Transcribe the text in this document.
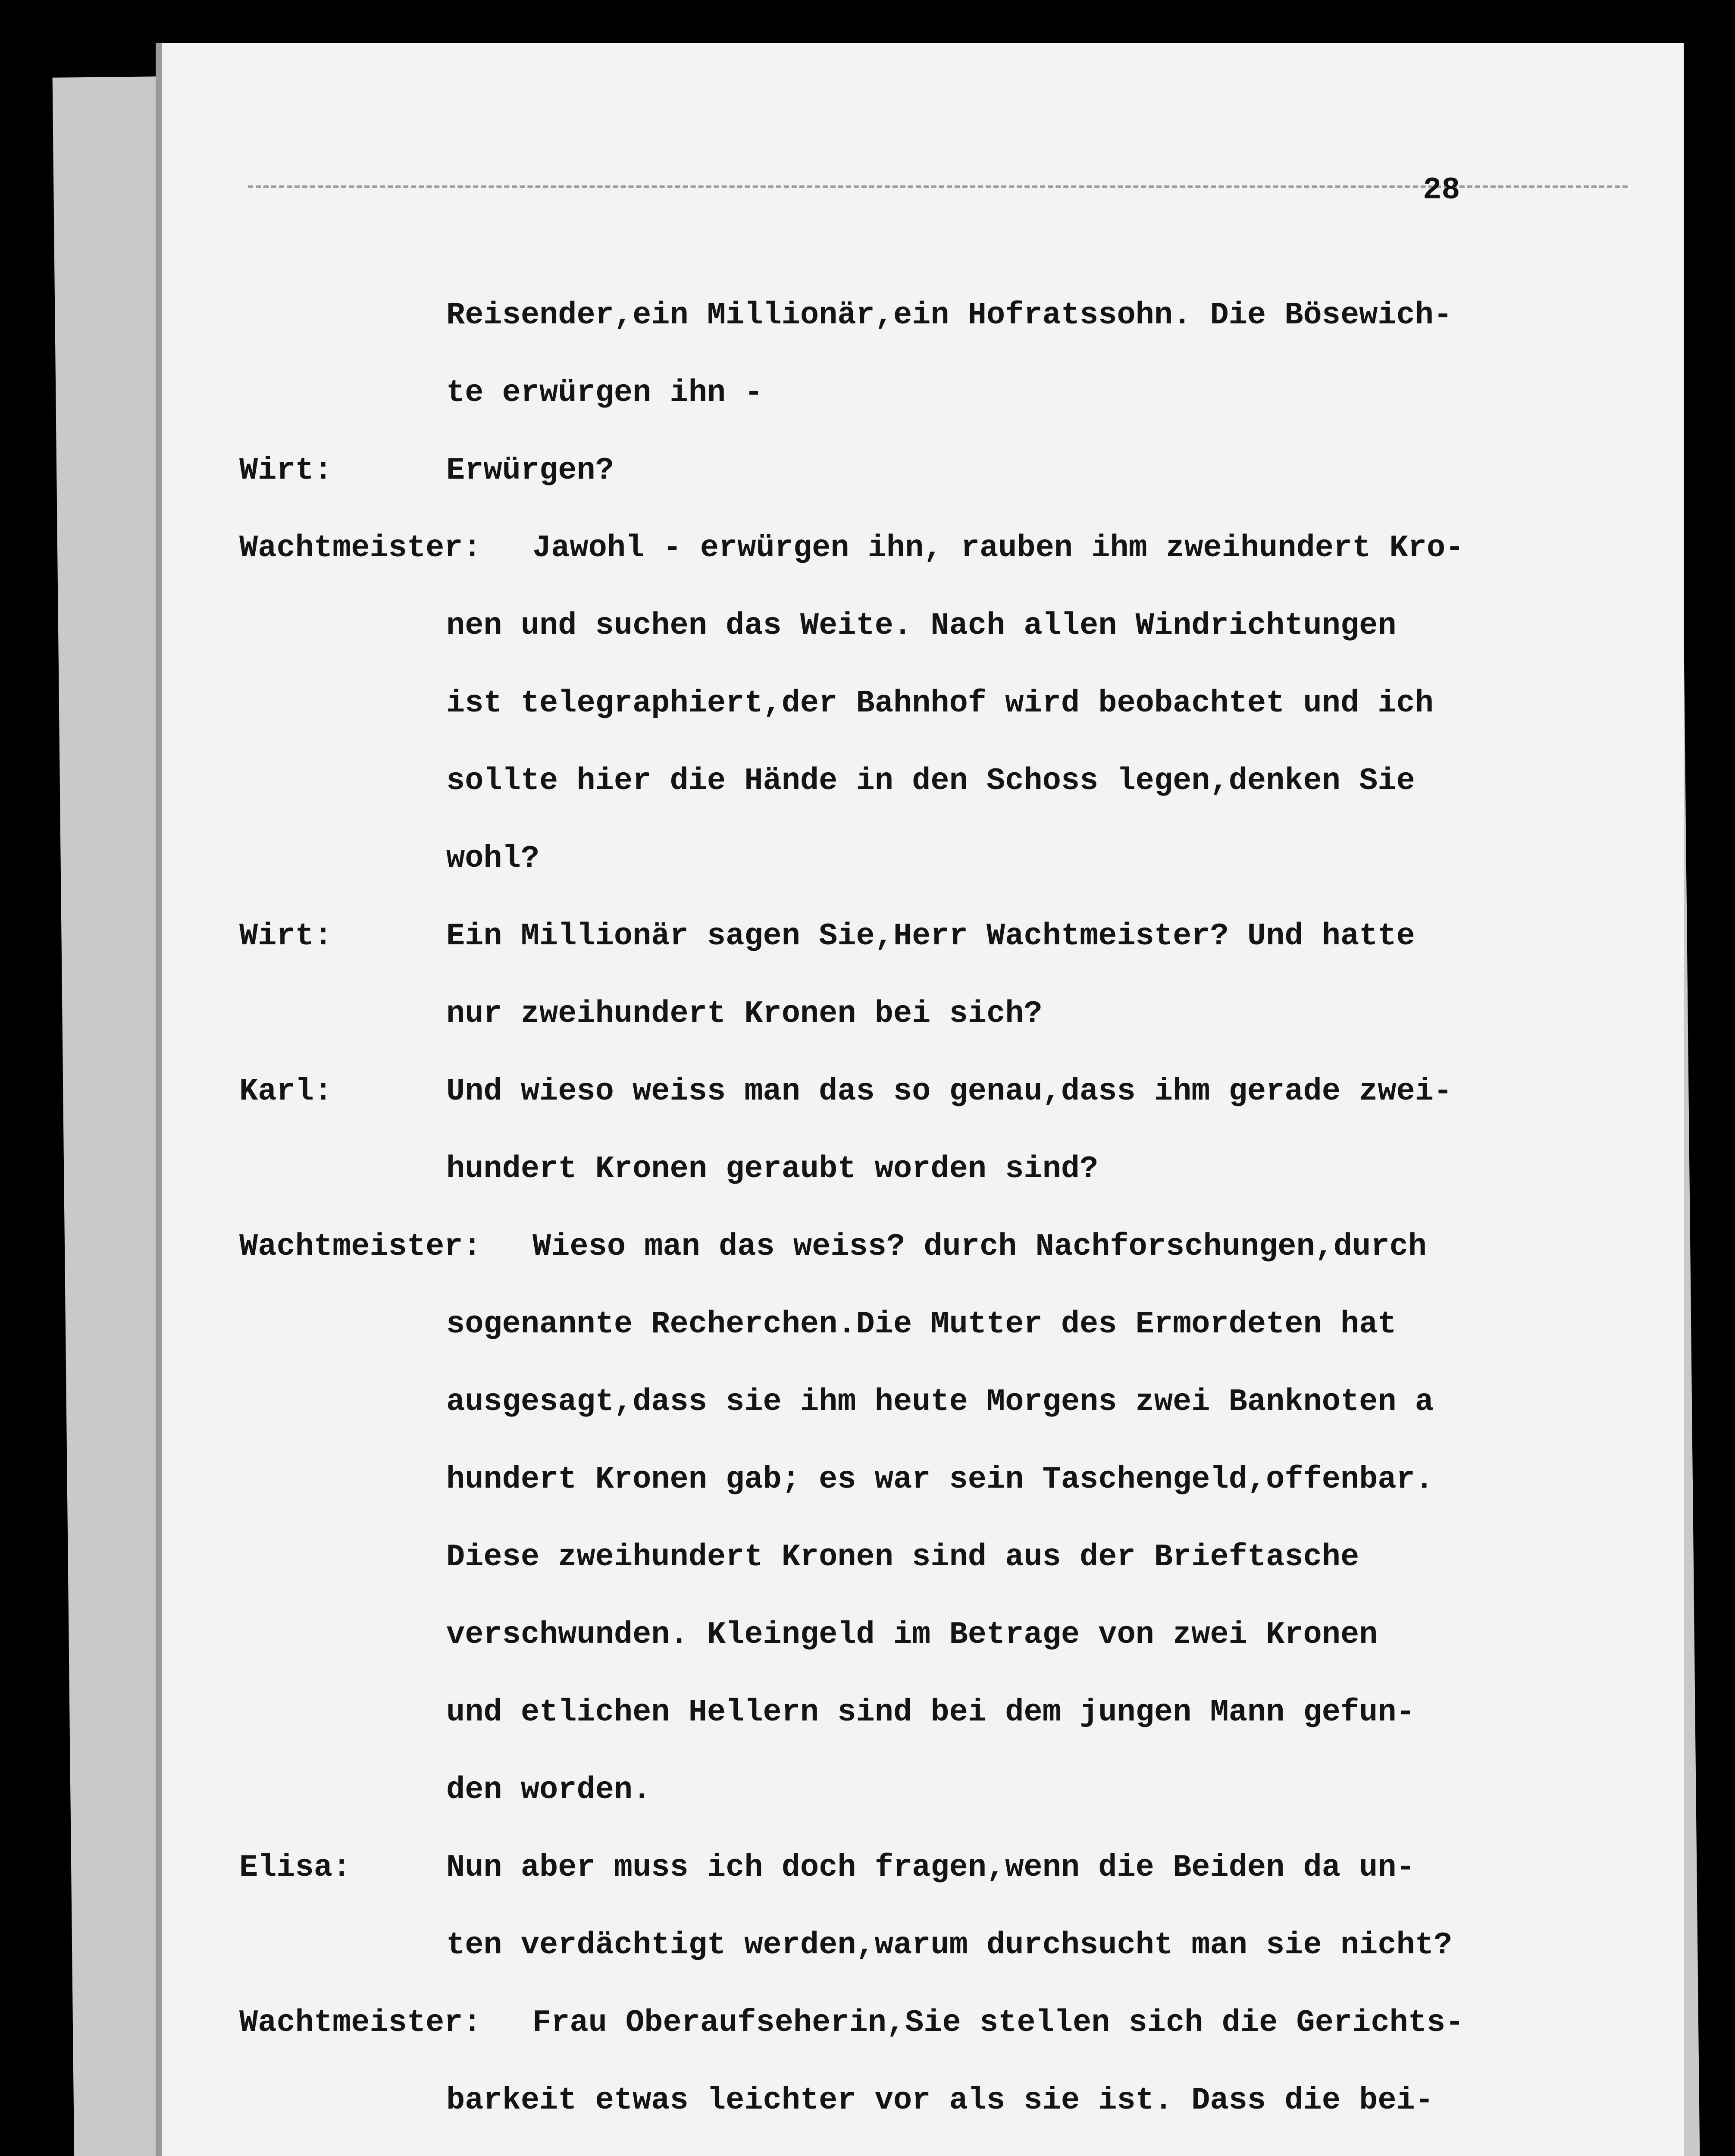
28
Reisender,ein Millionär,ein Hofratssohn. Die Bösewich-
te erwürgen ihn -
Wirt:	Erwürgen?
Wachtmeister: Jawohl - erwürgen ihn, rauben ihm zweihundert Kro-
nen und suchen das Weite. Nach allen Windrichtungen
ist telegraphiert,der Bahnhof wird beobachtet und ich
sollte hier die Hände in den Schoss legen,denken Sie
wohl?
Wirt:	Ein Millionär sagen Sie,Herr Wachtmeister? Und hatte
nur zweihundert Kronen bei sich?
Karl:	Und wieso weiss man das so genau,dass ihm gerade zwei-
hundert Kronen geraubt worden sind?
Wachtmeister: Wieso man das weiss? durch Nachforschungen,durch
sogenannte Recherchen.Die Mutter des Ermordeten hat
ausgesagt,dass sie ihm heute Morgens zwei Banknoten a
hundert Kronen gab; es war sein Taschengeld,offenbar.
Diese zweihundert Kronen sind aus der Brieftasche
verschwunden. Kleingeld im Betrage von zwei Kronen
und etlichen Hellern sind bei dem jungen Mann gefun-
den worden.
Elisa:	Nun aber muss ich doch fragen,wenn die Beiden da un-
ten verdächtigt werden,warum durchsucht man sie nicht?
Wachtmeister: Frau Oberaufseherin,Sie stellen sich die Gerichts-
barkeit etwas leichter vor als sie ist. Dass die bei-
